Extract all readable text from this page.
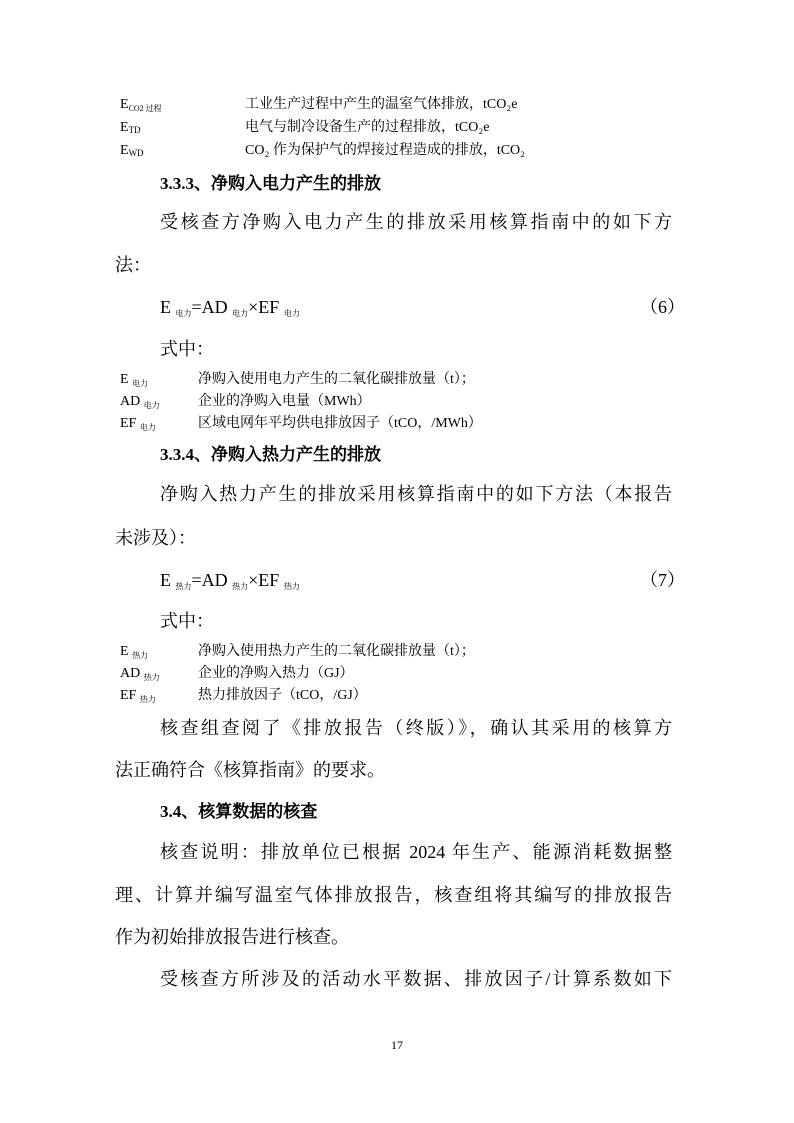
$E_{CO2 过程}$	工业生产过程中产生的温室气体排放，tCO₂e
ETD	电气与制冷设备生产的过程排放，tCO₂e
EWD	CO₂ 作为保护气的焊接过程造成的排放，tCO₂
3.3.3、净购入电力产生的排放
受核查方净购入电力产生的排放采用核算指南中的如下方
法：
E $_{电力}$=AD $_{电力}$×EF $_{电力}$	（6）
式中：
E $_{电力}$	净购入使用电力产生的二氧化碳排放量（t）；
AD $_{电力}$	企业的净购入电量（MWh）
EF $_{电力}$	区域电网年平均供电排放因子（tCO，/MWh）
3.3.4、净购入热力产生的排放
净购入热力产生的排放采用核算指南中的如下方法（本报告
未涉及）：
E $_{热力}$=AD $_{热力}$×EF $_{热力}$	（7）
式中：
E $_{热力}$	净购入使用热力产生的二氧化碳排放量（t）；
AD $_{热力}$	企业的净购入热力（GJ）
EF $_{热力}$	热力排放因子（tCO，/GJ）
核查组查阅了《排放报告（终版）》，确认其采用的核算方
法正确符合《核算指南》的要求。
3.4、核算数据的核查
核查说明：排放单位已根据 2024 年生产、能源消耗数据整
理、计算并编写温室气体排放报告，核查组将其编写的排放报告
作为初始排放报告进行核查。
受核查方所涉及的活动水平数据、排放因子/计算系数如下
17
